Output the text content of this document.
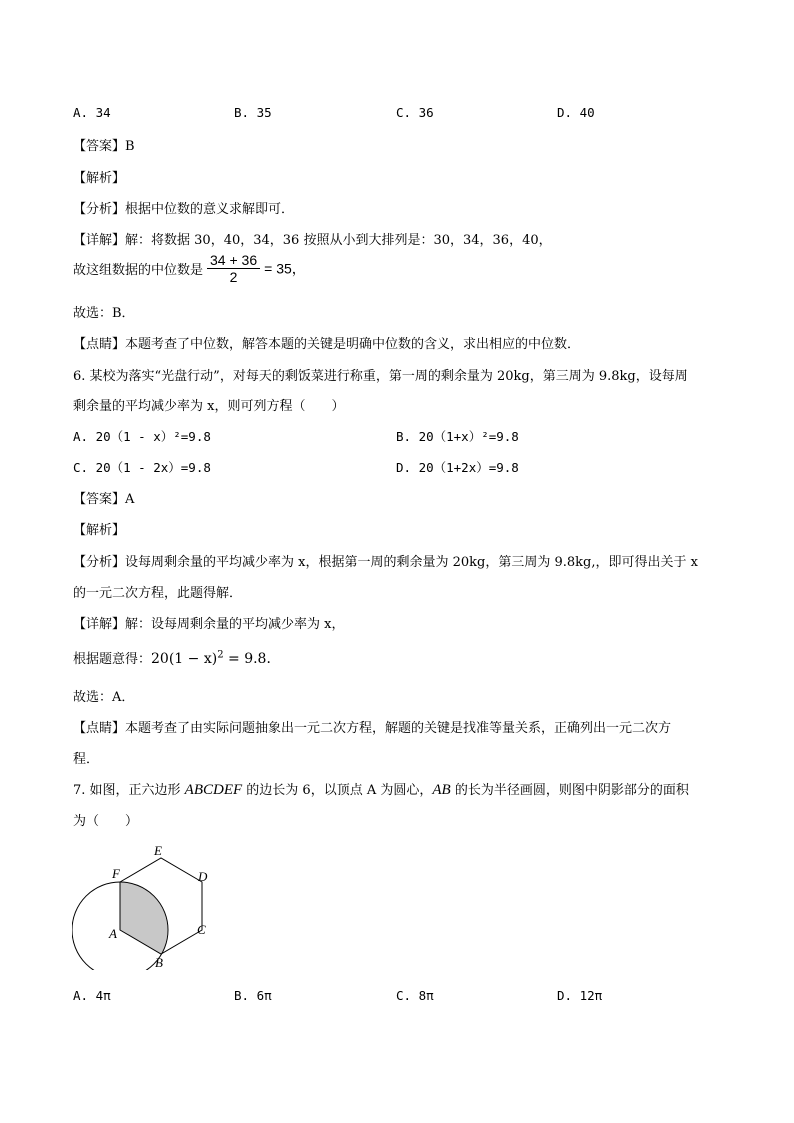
A. 34	B. 35	C. 36	D. 40
【答案】B
【解析】
【分析】根据中位数的意义求解即可．
【详解】解：将数据 30，40，34，36 按照从小到大排列是：30，34，36，40，
故这组数据的中位数是 $\frac{34 + 36}{2} = 35$，
故选：B．
【点睛】本题考查了中位数，解答本题的关键是明确中位数的含义，求出相应的中位数．
6. 某校为落实“光盘行动”，对每天的剩饭菜进行称重，第一周的剩余量为 20kg，第三周为 9.8kg，设每周
剩余量的平均减少率为 x，则可列方程（　　）
A. 20（1 - x）²=9.8	B. 20（1+x）²=9.8
C. 20（1 - 2x）=9.8	D. 20（1+2x）=9.8
【答案】A
【解析】
【分析】设每周剩余量的平均减少率为 x，根据第一周的剩余量为 20kg，第三周为 9.8kg,，即可得出关于 x
的一元二次方程，此题得解．
【详解】解：设每周剩余量的平均减少率为 x，
根据题意得：$20(1 - x)^2 = 9.8$．
故选：A．
【点睛】本题考查了由实际问题抽象出一元二次方程，解题的关键是找准等量关系，正确列出一元二次方
程．
7. 如图，正六边形 ABCDEF 的边长为 6，以顶点 A 为圆心，AB 的长为半径画圆，则图中阴影部分的面积
为（　　）
E
F	D
A	C
B
A. 4π	B. 6π	C. 8π	D. 12π
